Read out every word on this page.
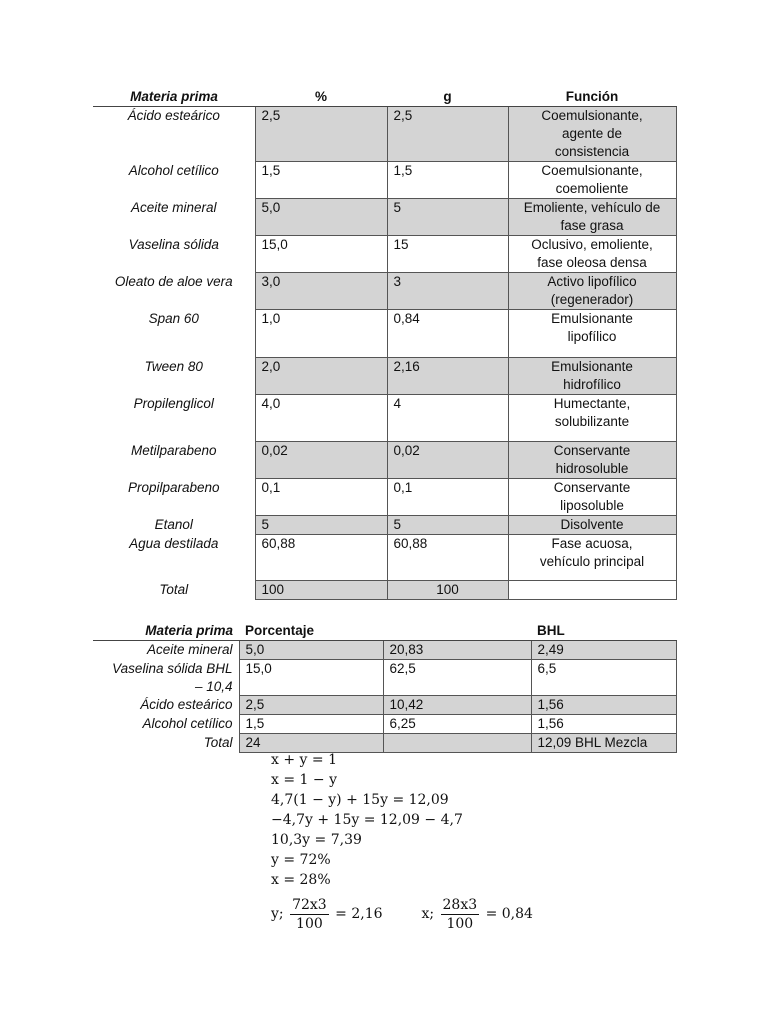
Materia prima	%	g	Función
Ácido esteárico	2,5	2,5	Coemulsionante,
agente de
consistencia

Alcohol cetílico	1,5	1,5	Coemulsionante,
coemoliente

Aceite mineral	5,0	5	Emoliente, vehículo de
fase grasa

Vaselina sólida	15,0	15	Oclusivo, emoliente,
fase oleosa densa

Oleato de aloe vera	3,0	3	Activo lipofílico
(regenerador)

Span 60	1,0	0,84	Emulsionante
lipofílico

Tween 80	2,0	2,16	Emulsionante
hidrofílico

Propilenglicol	4,0	4	Humectante,
solubilizante

Metilparabeno	0,02	0,02	Conservante
hidrosoluble

Propilparabeno	0,1	0,1	Conservante
liposoluble

Etanol	5	5	Disolvente

Agua destilada	60,88	60,88	Fase acuosa,
vehículo principal

Total	100	100	
Materia prima	Porcentaje		BHL
Aceite mineral	5,0	20,83	2,49

Vaselina sólida BHL
– 10,4	15,0	62,5	6,5
Ácido esteárico	2,5	10,42	1,56
Alcohol cetílico	1,5	6,25	1,56
Total	24		12,09 BHL Mezcla
x + y = 1
x = 1 − y
4,7(1 − y) + 15y = 12,09
−4,7y + 15y = 12,09 − 4,7
10,3y = 7,39
y = 72%
x = 28%
y; $\frac{72x3}{100} = 2,16$	x; $\frac{28x3}{100} = 0,84$
